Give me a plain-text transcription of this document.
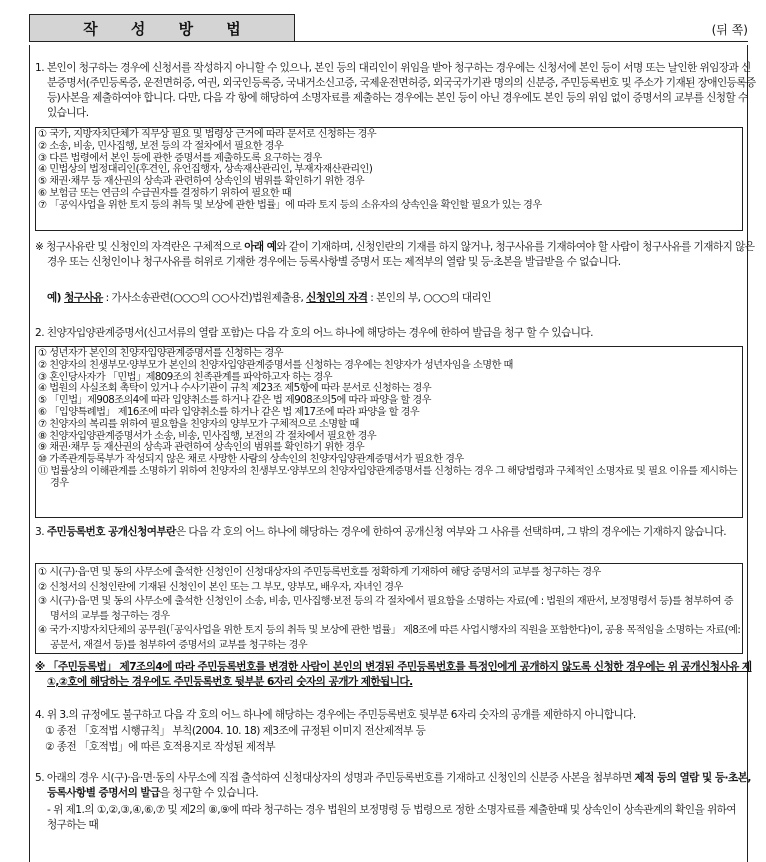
작 성 방 법	(뒤 쪽)
1. 본인이 청구하는 경우에 신청서를 작성하지 아니할 수 있으나, 본인 등의 대리인이 위임을 받아 청구하는 경우에는 신청서에 본인 등이 서명 또는 날인한 위임장과 신분증명서(주민등록증, 운전면허증, 여권, 외국인등록증, 국내거소신고증, 국제운전면허증, 외국국가기관 명의의 신분증, 주민등록번호 및 주소가 기재된 장애인등록증 등)사본을 제출하여야 합니다. 다만, 다음 각 항에 해당하여 소명자료를 제출하는 경우에는 본인 등이 아닌 경우에도 본인 등의 위임 없이 증명서의 교부를 신청할 수 있습니다.
① 국가, 지방자치단체가 직무상 필요 및 법령상 근거에 따라 문서로 신청하는 경우
② 소송, 비송, 민사집행, 보전 등의 각 절차에서 필요한 경우
③ 다른 법령에서 본인 등에 관한 증명서를 제출하도록 요구하는 경우
④ 민법상의 법정대리인(후견인, 유언집행자, 상속재산관리인, 부재자재산관리인)
⑤ 채권·채무 등 재산권의 상속과 관련하여 상속인의 범위를 확인하기 위한 경우
⑥ 보험금 또는 연금의 수급권자를 결정하기 위하여 필요한 때
⑦ 「공익사업을 위한 토지 등의 취득 및 보상에 관한 법률」에 따라 토지 등의 소유자의 상속인을 확인할 필요가 있는 경우
※ 청구사유란 및 신청인의 자격란은 구체적으로 아래 예와 같이 기재하며, 신청인란의 기재를 하지 않거나, 청구사유를 기재하여야 할 사람이 청구사유를 기재하지 않은 경우 또는 신청인이나 청구사유를 허위로 기재한 경우에는 등록사항별 증명서 또는 제적부의 열람 및 등·초본을 발급받을 수 없습니다.
예) 청구사유 : 가사소송관련(○○○의 ○○사건)법원제출용, 신청인의 자격 : 본인의 부, ○○○의 대리인
2. 친양자입양관계증명서(신고서류의 열람 포함)는 다음 각 호의 어느 하나에 해당하는 경우에 한하여 발급을 청구 할 수 있습니다.
① 성년자가 본인의 친양자입양관계증명서를 신청하는 경우
② 친양자의 친생부모·양부모가 본인의 친양자입양관계증명서를 신청하는 경우에는 친양자가 성년자임을 소명한 때
③ 혼인당사자가 「민법」제809조의 친족관계를 파악하고자 하는 경우
④ 법원의 사실조회 촉탁이 있거나 수사기관이 규칙 제23조 제5항에 따라 문서로 신청하는 경우
⑤ 「민법」제908조의4에 따라 입양취소를 하거나 같은 법 제908조의5에 따라 파양을 할 경우
⑥ 「입양특례법」 제16조에 따라 입양취소를 하거나 같은 법 제17조에 따라 파양을 할 경우
⑦ 친양자의 복리를 위하여 필요함을 친양자의 양부모가 구체적으로 소명할 때
⑧ 친양자입양관계증명서가 소송, 비송, 민사집행, 보전의 각 절차에서 필요한 경우
⑨ 채권·채무 등 재산권의 상속과 관련하여 상속인의 범위를 확인하기 위한 경우
⑩ 가족관계등록부가 작성되지 않은 채로 사망한 사람의 상속인의 친양자입양관계증명서가 필요한 경우
⑪ 법률상의 이해관계를 소명하기 위하여 친양자의 친생부모·양부모의 친양자입양관계증명서를 신청하는 경우 그 해당법령과 구체적인 소명자료 및 필요 이유를 제시하는 경우
3. 주민등록번호 공개신청여부란은 다음 각 호의 어느 하나에 해당하는 경우에 한하여 공개신청 여부와 그 사유를 선택하며, 그 밖의 경우에는 기재하지 않습니다.
① 시(구)·읍·면 및 동의 사무소에 출석한 신청인이 신청대상자의 주민등록번호를 정확하게 기재하여 해당 증명서의 교부를 청구하는 경우
② 신청서의 신청인란에 기재된 신청인이 본인 또는 그 부모, 양부모, 배우자, 자녀인 경우
③ 시(구)·읍·면 및 동의 사무소에 출석한 신청인이 소송, 비송, 민사집행·보전 등의 각 절차에서 필요함을 소명하는 자료(예 : 법원의 재판서, 보정명령서 등)를 첨부하여 증명서의 교부를 청구하는 경우
④ 국가·지방자치단체의 공무원(「공익사업을 위한 토지 등의 취득 및 보상에 관한 법률」 제8조에 따른 사업시행자의 직원을 포함한다)이, 공용 목적임을 소명하는 자료(예: 공문서, 재결서 등)를 첨부하여 증명서의 교부를 청구하는 경우
※ 「주민등록법」 제7조의4에 따라 주민등록번호를 변경한 사람이 본인의 변경된 주민등록번호를 특정인에게 공개하지 않도록 신청한 경우에는 위 공개신청사유 제①,②호에 해당하는 경우에도 주민등록번호 뒷부분 6자리 숫자의 공개가 제한됩니다.
4. 위 3.의 규정에도 불구하고 다음 각 호의 어느 하나에 해당하는 경우에는 주민등록번호 뒷부분 6자리 숫자의 공개를 제한하지 아니합니다.
① 종전 「호적법 시행규칙」 부칙(2004. 10. 18) 제3조에 규정된 이미지 전산제적부 등
② 종전 「호적법」에 따른 호적용지로 작성된 제적부
5. 아래의 경우 시(구)·읍·면·동의 사무소에 직접 출석하여 신청대상자의 성명과 주민등록번호를 기재하고 신청인의 신분증 사본을 첨부하면 제적 등의 열람 및 등·초본, 등록사항별 증명서의 발급을 청구할 수 있습니다.
- 위 제1.의 ①,②,③,④,⑥,⑦ 및 제2의 ⑧,⑨에 따라 청구하는 경우 법원의 보정명령 등 법령으로 정한 소명자료를 제출한때 및 상속인이 상속관계의 확인을 위하여 청구하는 때
